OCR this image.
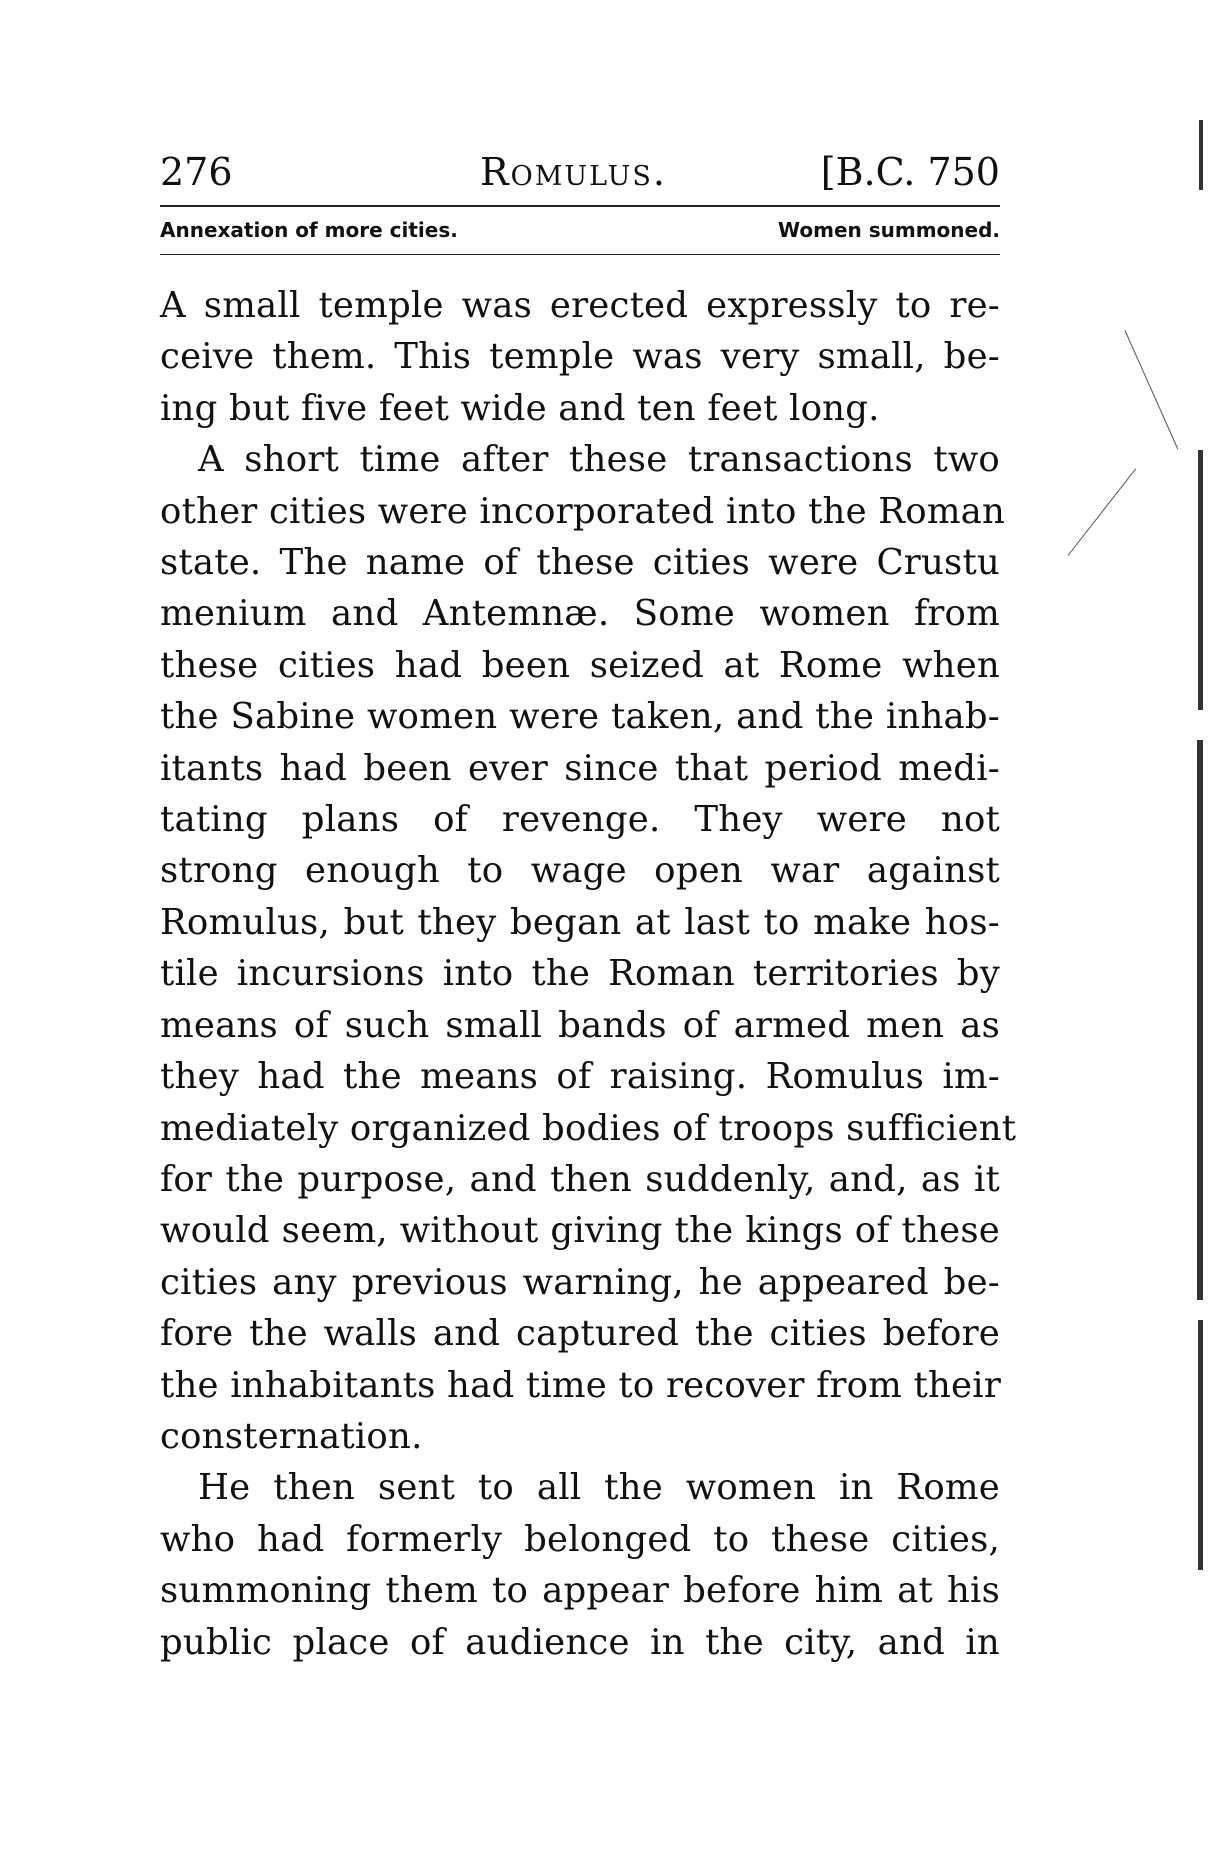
276	Romulus.	[B.C. 750
Annexation of more cities.	Women summoned.

A small temple was erected expressly to re-
ceive them. This temple was very small, be-
ing but five feet wide and ten feet long.

A short time after these transactions two
other cities were incorporated into the Roman
state. The name of these cities were Crustu
menium and Antemnæ. Some women from
these cities had been seized at Rome when
the Sabine women were taken, and the inhab-
itants had been ever since that period medi-
tating plans of revenge. They were not
strong enough to wage open war against
Romulus, but they began at last to make hos-
tile incursions into the Roman territories by
means of such small bands of armed men as
they had the means of raising. Romulus im-
mediately organized bodies of troops sufficient
for the purpose, and then suddenly, and, as it
would seem, without giving the kings of these
cities any previous warning, he appeared be-
fore the walls and captured the cities before
the inhabitants had time to recover from their
consternation.

He then sent to all the women in Rome
who had formerly belonged to these cities,
summoning them to appear before him at his
public place of audience in the city, and in
